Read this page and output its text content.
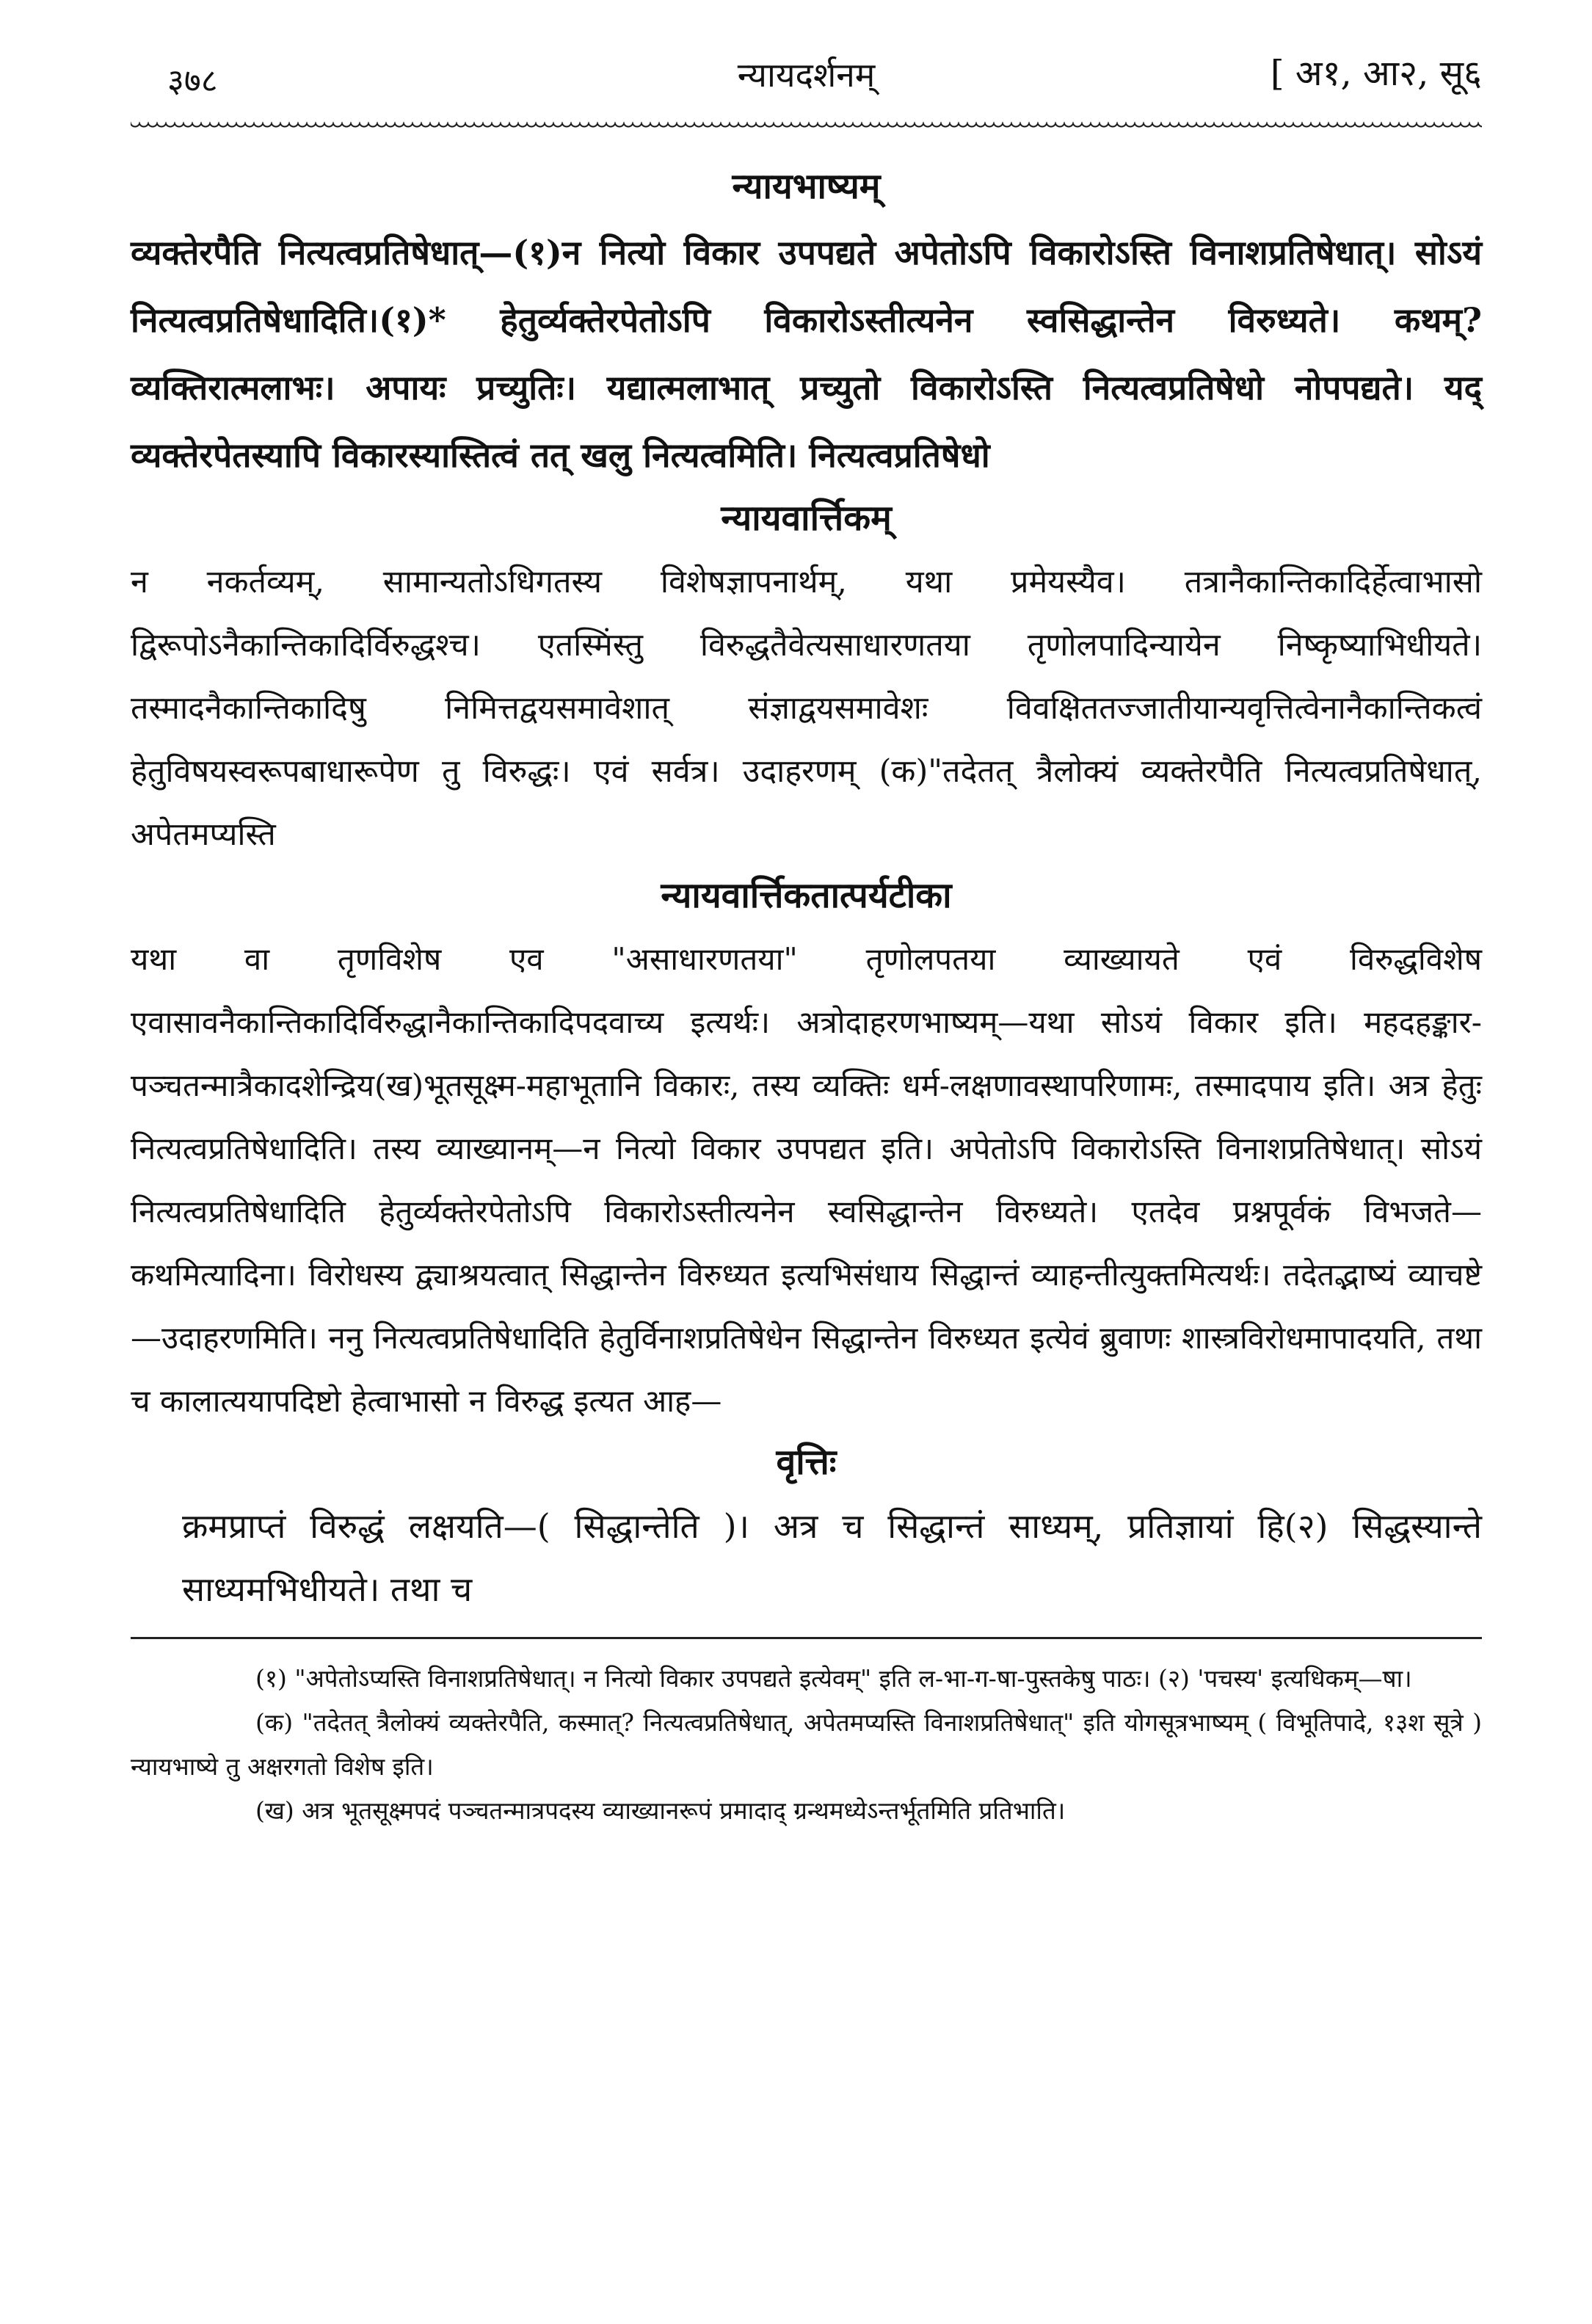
३७८	न्यायदर्शनम्	[ अ१, आ२, सू६
न्यायभाष्यम्

व्यक्तेरपैति नित्यत्वप्रतिषेधात्—(१)न नित्यो विकार उपपद्यते अपेतोऽपि विकारोऽस्ति विनाशप्रतिषेधात्। सोऽयं नित्यत्वप्रतिषेधादिति।(१)* हेतुर्व्यक्तेरपेतोऽपि विकारोऽस्तीत्यनेन स्वसिद्धान्तेन विरुध्यते। कथम्? व्यक्तिरात्मलाभः। अपायः प्रच्युतिः। यद्यात्मलाभात् प्रच्युतो विकारोऽस्ति नित्यत्वप्रतिषेधो नोपपद्यते। यद् व्यक्तेरपेतस्यापि विकारस्यास्तित्वं तत् खलु नित्यत्वमिति। नित्यत्वप्रतिषेधो

न्यायवार्त्तिकम्

न नकर्तव्यम्, सामान्यतोऽधिगतस्य विशेषज्ञापनार्थम्, यथा प्रमेयस्यैव। तत्रानैकान्तिकादिर्हेत्वाभासो द्विरूपोऽनैकान्तिकादिर्विरुद्धश्च। एतस्मिंस्तु विरुद्धतैवेत्यसाधारणतया तृणोलपादिन्यायेन निष्कृष्याभिधीयते। तस्मादनैकान्तिकादिषु निमित्तद्वयसमावेशात् संज्ञाद्वयसमावेशः विवक्षिततज्जातीयान्यवृत्तित्वेनानैकान्तिकत्वं हेतुविषयस्वरूपबाधारूपेण तु विरुद्धः। एवं सर्वत्र। उदाहरणम् (क)"तदेतत् त्रैलोक्यं व्यक्तेरपैति नित्यत्वप्रतिषेधात्, अपेतमप्यस्ति

न्यायवार्त्तिकतात्पर्यटीका

यथा वा तृणविशेष एव "असाधारणतया" तृणोलपतया व्याख्यायते एवं विरुद्धविशेष एवासावनैकान्तिकादिर्विरुद्धानैकान्तिकादिपदवाच्य इत्यर्थः। अत्रोदाहरणभाष्यम्—यथा सोऽयं विकार इति। महदहङ्कार-पञ्चतन्मात्रैकादशेन्द्रिय(ख)भूतसूक्ष्म-महाभूतानि विकारः, तस्य व्यक्तिः धर्म-लक्षणावस्थापरिणामः, तस्मादपाय इति। अत्र हेतुः नित्यत्वप्रतिषेधादिति। तस्य व्याख्यानम्—न नित्यो विकार उपपद्यत इति। अपेतोऽपि विकारोऽस्ति विनाशप्रतिषेधात्। सोऽयं नित्यत्वप्रतिषेधादिति हेतुर्व्यक्तेरपेतोऽपि विकारोऽस्तीत्यनेन स्वसिद्धान्तेन विरुध्यते। एतदेव प्रश्नपूर्वकं विभजते—कथमित्यादिना। विरोधस्य द्व्याश्रयत्वात् सिद्धान्तेन विरुध्यत इत्यभिसंधाय सिद्धान्तं व्याहन्तीत्युक्तमित्यर्थः। तदेतद्भाष्यं व्याचष्टे—उदाहरणमिति। ननु नित्यत्वप्रतिषेधादिति हेतुर्विनाशप्रतिषेधेन सिद्धान्तेन विरुध्यत इत्येवं ब्रुवाणः शास्त्रविरोधमापादयति, तथा च कालात्ययापदिष्टो हेत्वाभासो न विरुद्ध इत्यत आह—

वृत्तिः

क्रमप्राप्तं विरुद्धं लक्षयति—( सिद्धान्तेति )। अत्र च सिद्धान्तं साध्यम्, प्रतिज्ञायां हि(२) सिद्धस्यान्ते साध्यमभिधीयते। तथा च

(१) "अपेतोऽप्यस्ति विनाशप्रतिषेधात्। न नित्यो विकार उपपद्यते इत्येवम्" इति ल-भा-ग-षा-पुस्तकेषु पाठः। (२) 'पचस्य' इत्यधिकम्—षा।

(क) "तदेतत् त्रैलोक्यं व्यक्तेरपैति, कस्मात्? नित्यत्वप्रतिषेधात्, अपेतमप्यस्ति विनाशप्रतिषेधात्" इति योगसूत्रभाष्यम् ( विभूतिपादे, १३श सूत्रे ) न्यायभाष्ये तु अक्षरगतो विशेष इति।

(ख) अत्र भूतसूक्ष्मपदं पञ्चतन्मात्रपदस्य व्याख्यानरूपं प्रमादाद् ग्रन्थमध्येऽन्तर्भूतमिति प्रतिभाति।
